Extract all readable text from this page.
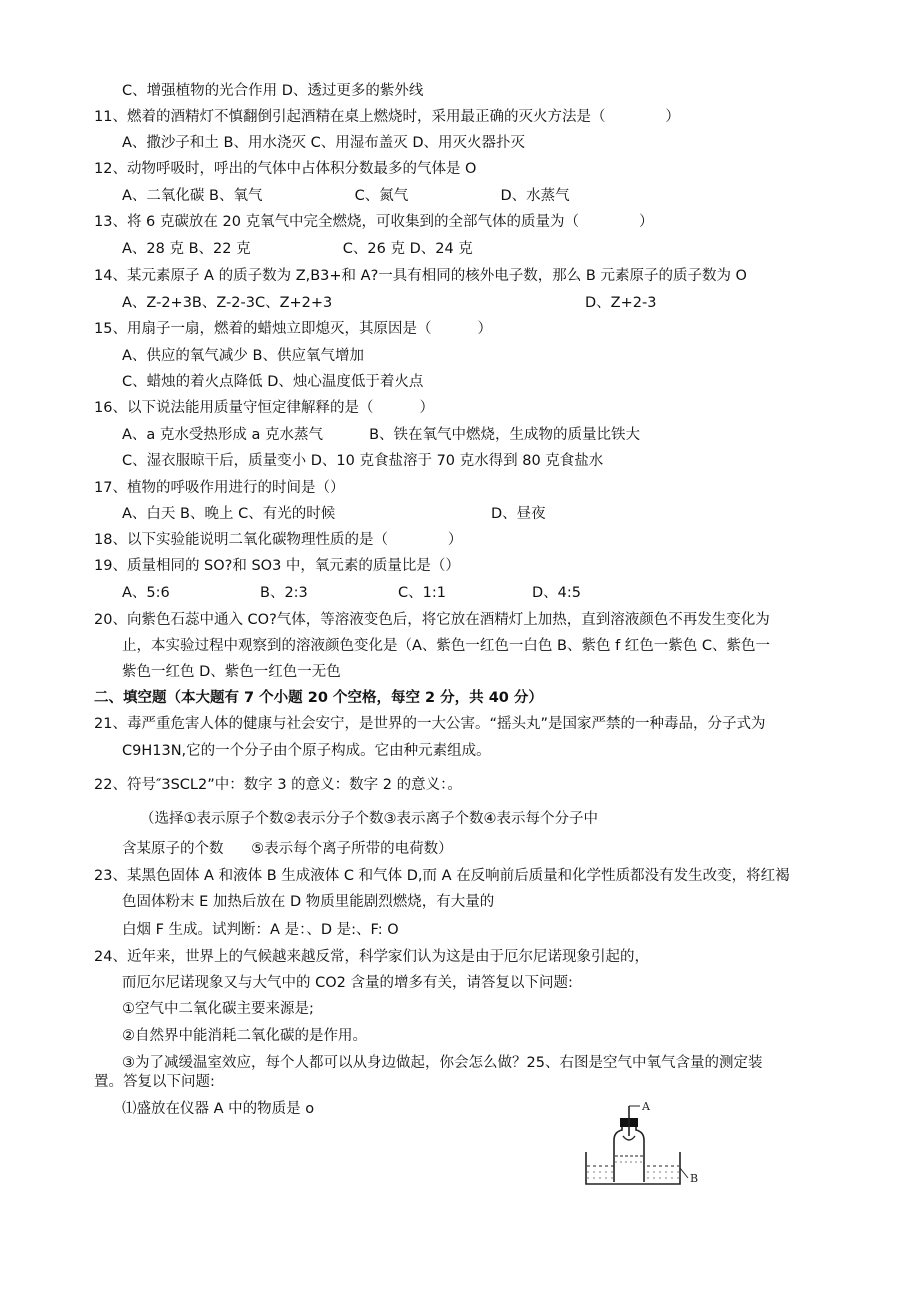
C、增强植物的光合作用 D、透过更多的紫外线
11、燃着的酒精灯不慎翻倒引起酒精在桌上燃烧时，采用最正确的灭火方法是（             ）
A、撒沙子和土 B、用水浇灭 C、用湿布盖灭 D、用灭火器扑灭
12、动物呼吸时，呼出的气体中占体积分数最多的气体是 O
A、二氧化碳 B、氧气                    C、氮气                    D、水蒸气
13、将 6 克碳放在 20 克氧气中完全燃烧，可收集到的全部气体的质量为（             ）
A、28 克 B、22 克                    C、26 克 D、24 克
14、某元素原子 A 的质子数为 Z,B3+和 A?一具有相同的核外电子数，那么 B 元素原子的质子数为 O
A、Z-2+3B、Z-2-3C、Z+2+3	D、Z+2-3
15、用扇子一扇，燃着的蜡烛立即熄灭，其原因是（          ）
A、供应的氧气减少 B、供应氧气增加
C、蜡烛的着火点降低 D、烛心温度低于着火点
16、以下说法能用质量守恒定律解释的是（          ）
A、a 克水受热形成 a 克水蒸气          B、铁在氧气中燃烧，生成物的质量比铁大
C、湿衣服晾干后，质量变小 D、10 克食盐溶于 70 克水得到 80 克食盐水
17、植物的呼吸作用进行的时间是（）
A、白天 B、晚上 C、有光的时候	D、昼夜
18、以下实验能说明二氧化碳物理性质的是（             ）
19、质量相同的 SO?和 SO3 中，氧元素的质量比是（）
A、5:6	B、2:3	C、1:1	D、4:5
20、向紫色石蕊中通入 CO?气体，等溶液变色后，将它放在酒精灯上加热，直到溶液颜色不再发生变化为
止，本实验过程中观察到的溶液颜色变化是（A、紫色一红色一白色 B、紫色 f 红色一紫色 C、紫色一
紫色一红色 D、紫色一红色一无色
二、填空题（本大题有 7 个小题 20 个空格，每空 2 分，共 40 分）
21、毒严重危害人体的健康与社会安宁，是世界的一大公害。“摇头丸”是国家严禁的一种毒品，分子式为
C9H13N,它的一个分子由个原子构成。它由种元素组成。
22、符号″3SCL2”中：数字 3 的意义：数字 2 的意义：。
（选择①表示原子个数②表示分子个数③表示离子个数④表示每个分子中
含某原子的个数      ⑤表示每个离子所带的电荷数）
23、某黑色固体 A 和液体 B 生成液体 C 和气体 D,而 A 在反响前后质量和化学性质都没有发生改变，将红褐
色固体粉末 E 加热后放在 D 物质里能剧烈燃烧，有大量的
白烟 F 生成。试判断：A 是：、D 是:、F: O
24、近年来，世界上的气候越来越反常，科学家们认为这是由于厄尔尼诺现象引起的，
而厄尔尼诺现象又与大气中的 CO2 含量的增多有关，请答复以下问题:
①空气中二氧化碳主要来源是;
②自然界中能消耗二氧化碳的是作用。
③为了减缓温室效应，每个人都可以从身边做起，你会怎么做？25、右图是空气中氧气含量的测定装
置。答复以下问题:
⑴盛放在仪器 A 中的物质是 o	A
B
